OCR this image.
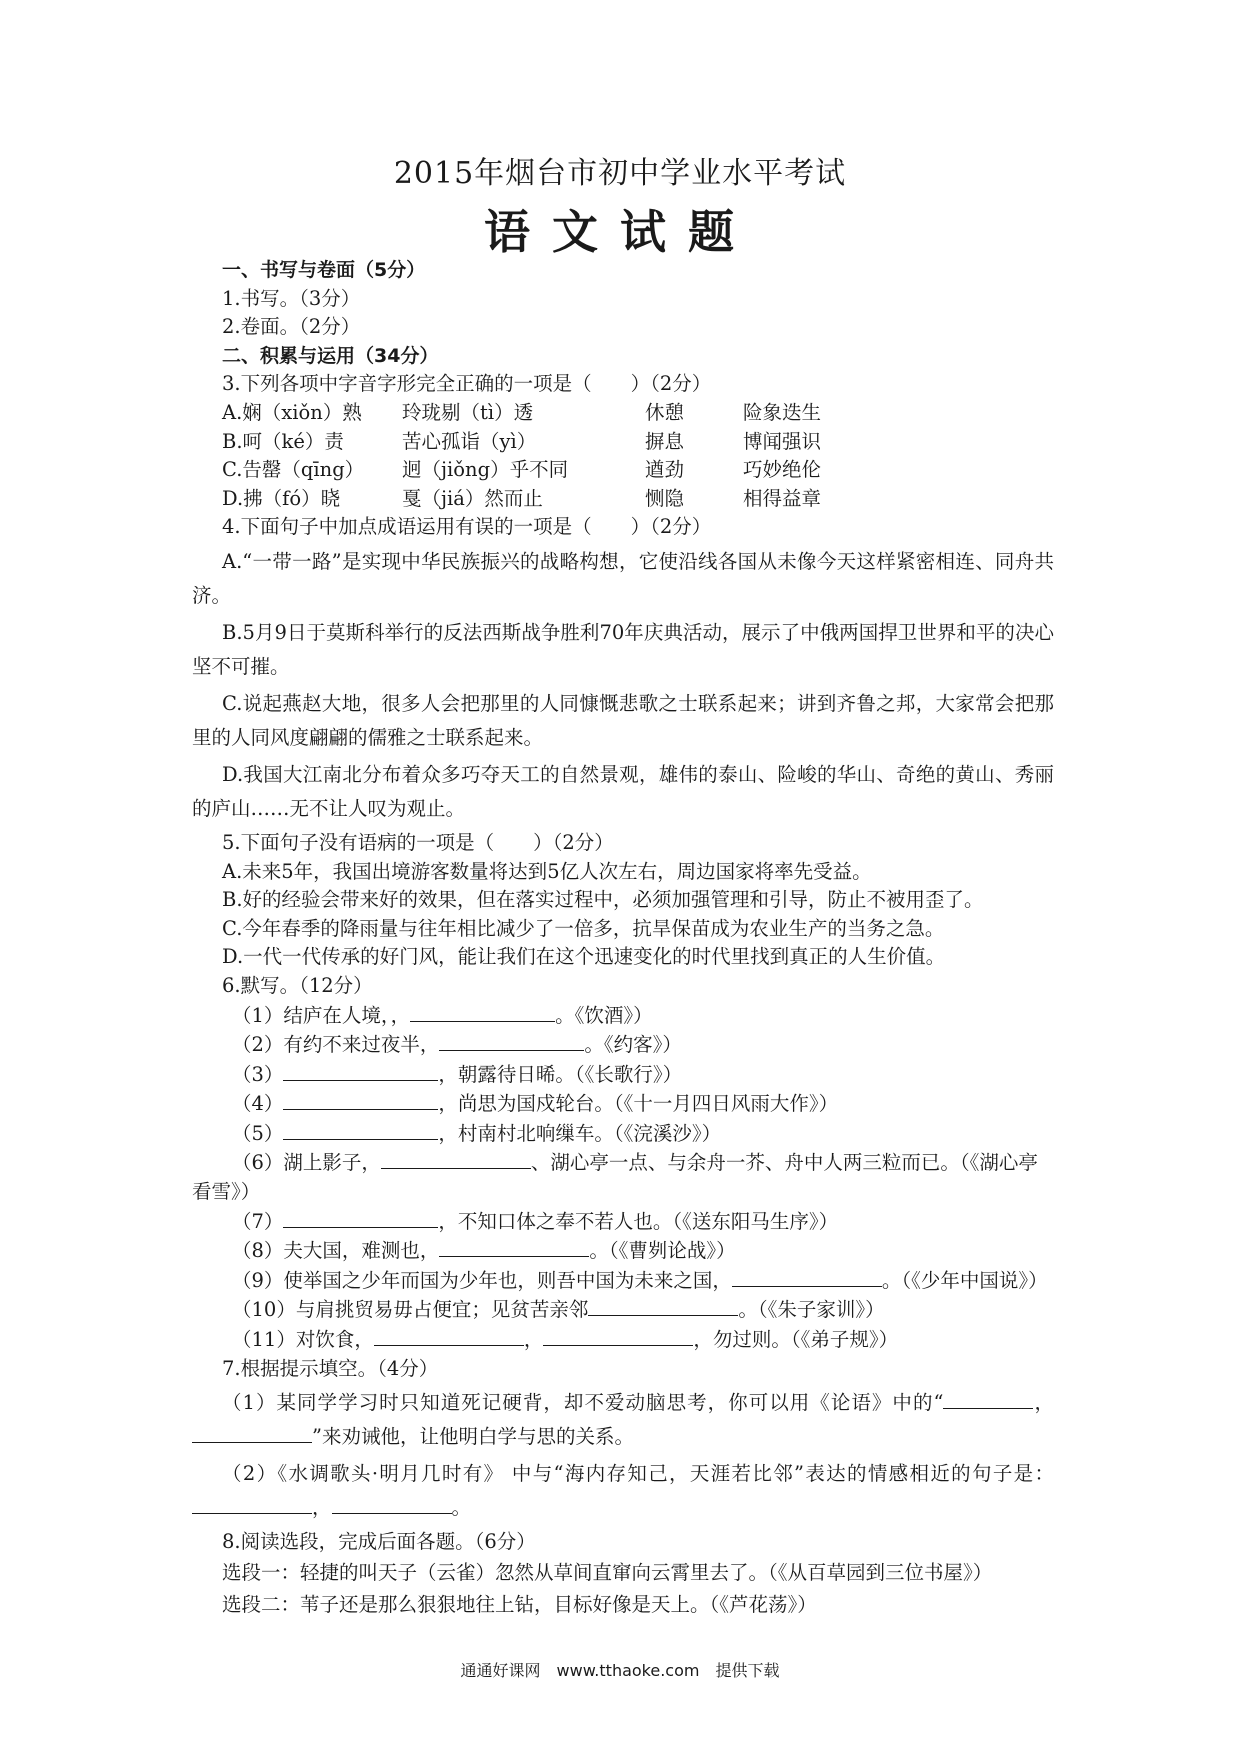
2015年烟台市初中学业水平考试
语文试题
一、书写与卷面（5分）
1.书写。（3分）
2.卷面。（2分）
二、积累与运用（34分）
3.下列各项中字音字形完全正确的一项是（　　）（2分）
A.娴（xiǒn）熟	玲珑剔（tì）透	休憩	险象迭生
B.呵（ké）责	苦心孤诣（yì）	摒息	博闻强识
C.告罄（qīng）	迥（jiǒng）乎不同	遒劲	巧妙绝伦
D.拂（fó）晓	戛（jiá）然而止	恻隐	相得益章
4.下面句子中加点成语运用有误的一项是（　　）（2分）

A.“一带一路”是实现中华民族振兴的战略构想，它使沿线各国从未像今天这样紧密相连、同舟共济。

B.5月9日于莫斯科举行的反法西斯战争胜利70年庆典活动，展示了中俄两国捍卫世界和平的决心坚不可摧。

C.说起燕赵大地，很多人会把那里的人同慷慨悲歌之士联系起来；讲到齐鲁之邦，大家常会把那里的人同风度翩翩的儒雅之士联系起来。

D.我国大江南北分布着众多巧夺天工的自然景观，雄伟的泰山、险峻的华山、奇绝的黄山、秀丽的庐山……无不让人叹为观止。

5.下面句子没有语病的一项是（　　）（2分）
A.未来5年，我国出境游客数量将达到5亿人次左右，周边国家将率先受益。
B.好的经验会带来好的效果，但在落实过程中，必须加强管理和引导，防止不被用歪了。
C.今年春季的降雨量与往年相比减少了一倍多，抗旱保苗成为农业生产的当务之急。
D.一代一代传承的好门风，能让我们在这个迅速变化的时代里找到真正的人生价值。
6.默写。（12分）
（1）结庐在人境，，	。《饮酒》）
（2）有约不来过夜半，	。《约客》）
（3）	，朝露待日晞。（《长歌行》）
（4）	，尚思为国戍轮台。（《十一月四日风雨大作》）
（5）	，村南村北响缫车。（《浣溪沙》）

（6）湖上影子，	、湖心亭一点、与余舟一芥、舟中人两三粒而已。（《湖心亭看雪》）

（7）	，不知口体之奉不若人也。（《送东阳马生序》）
（8）夫大国，难测也，	。（《曹刿论战》）

（9）使举国之少年而国为少年也，则吾中国为未来之国，	。（《少年中国说》）

（10）与肩挑贸易毋占便宜；见贫苦亲邻	。（《朱子家训》）
（11）对饮食，	，	，勿过则。（《弟子规》）
7.根据提示填空。（4分）

（1）某同学学习时只知道死记硬背，却不爱动脑思考，你可以用《论语》中的“	，”来劝诫他，让他明白学与思的关系。

（2）《水调歌头·明月几时有》 中与“海内存知己，天涯若比邻”表达的情感相近的句子是：，	。

8.阅读选段，完成后面各题。（6分）
选段一：轻捷的叫天子（云雀）忽然从草间直窜向云霄里去了。（《从百草园到三位书屋》）
选段二：苇子还是那么狠狠地往上钻，目标好像是天上。（《芦花荡》）
通通好课网　www.tthaoke.com　提供下载
